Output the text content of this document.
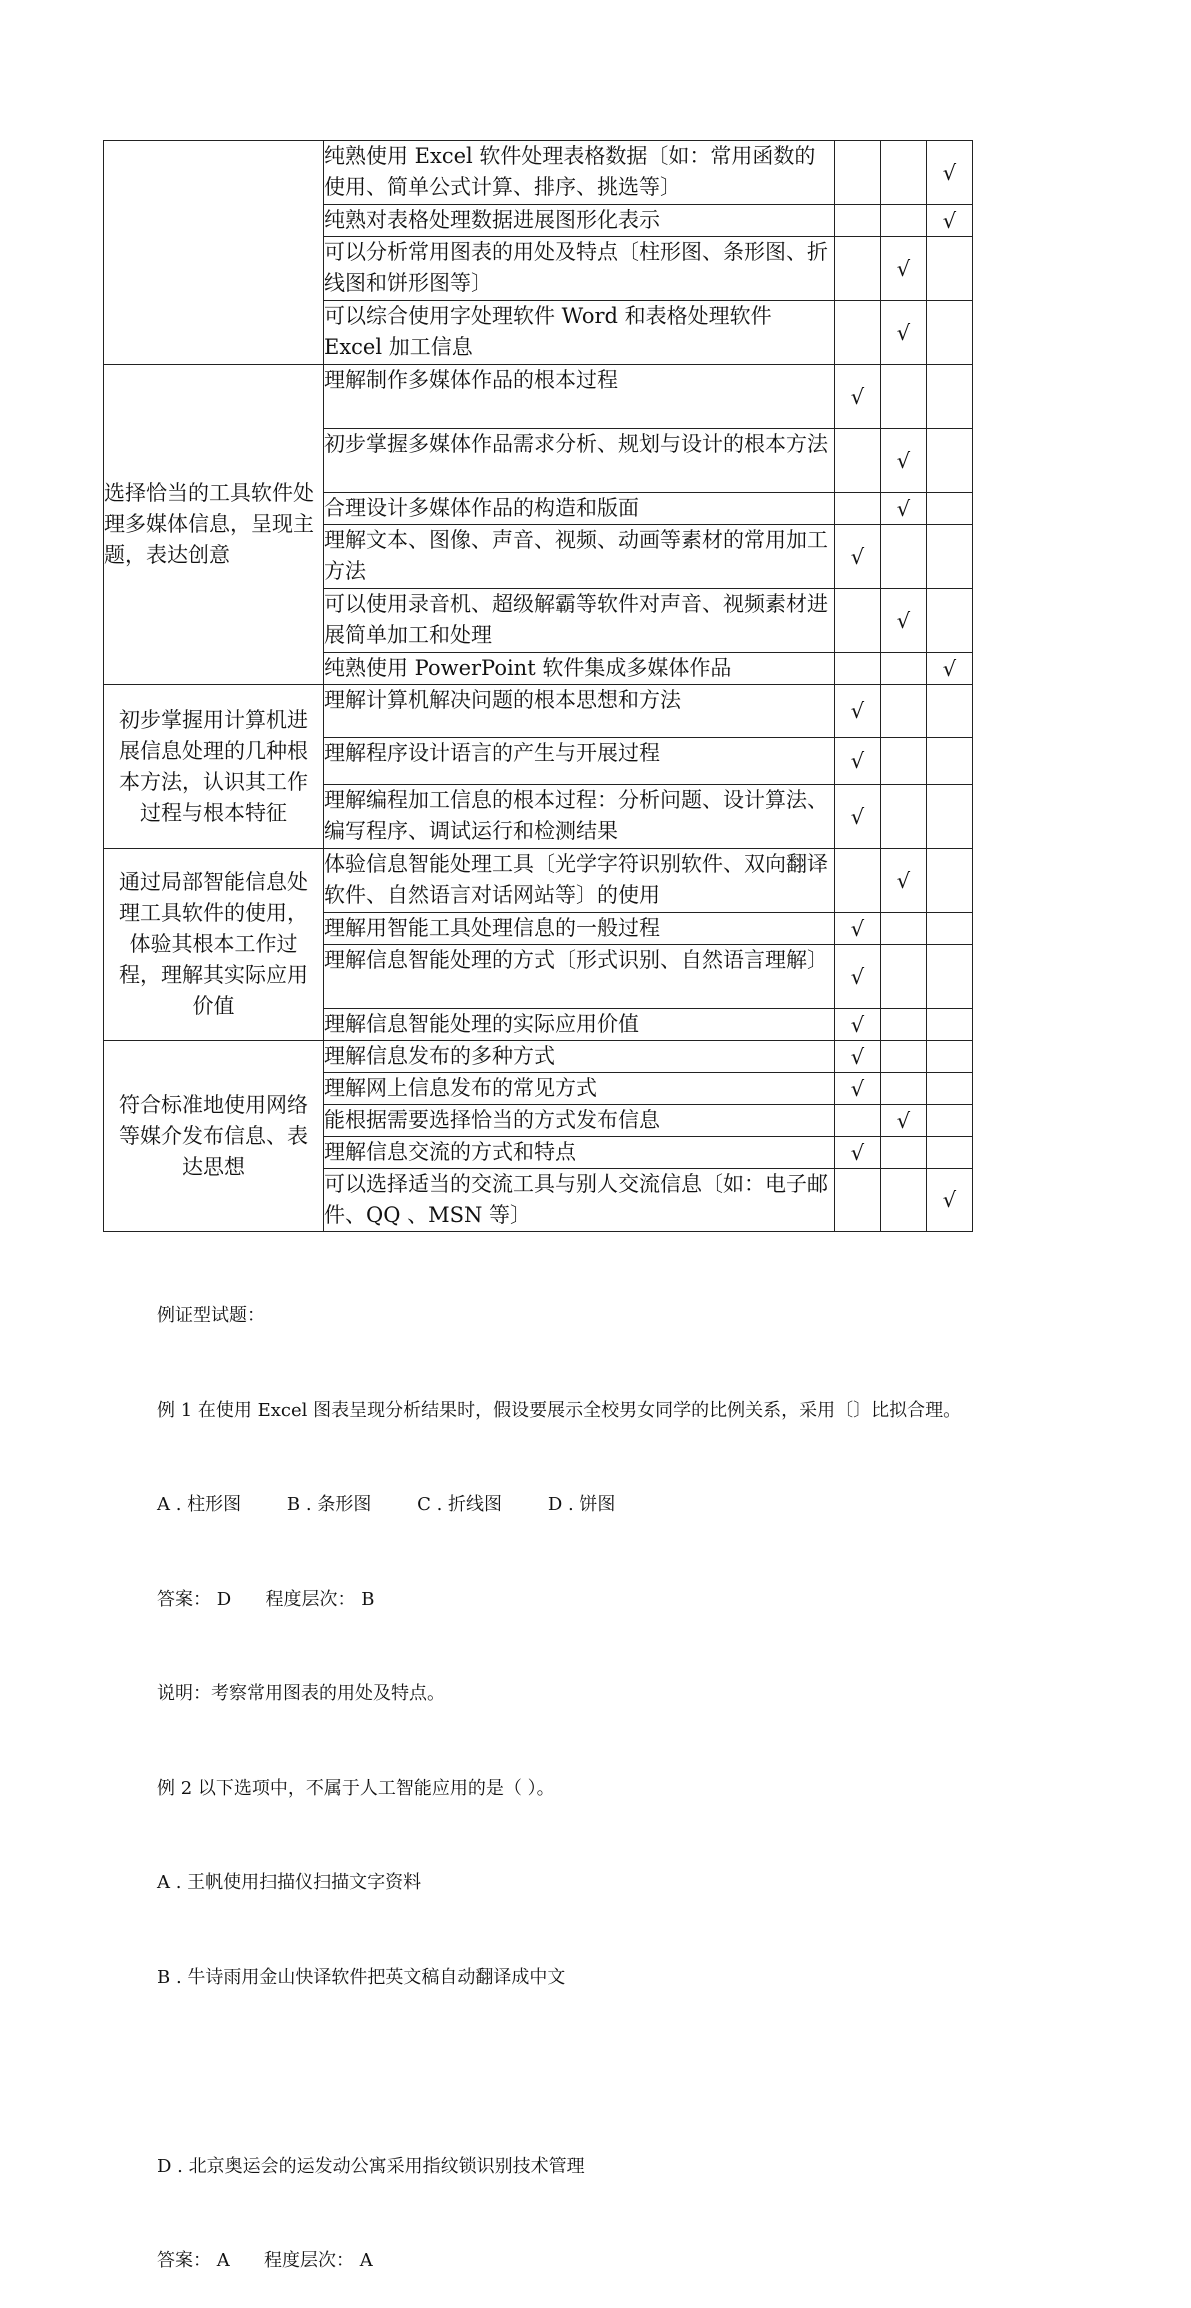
	纯熟使用 Excel 软件处理表格数据〔如：常用函数的使用、简单公式计算、排序、挑选等〕			√
	纯熟对表格处理数据进展图形化表示			√
	可以分析常用图表的用处及特点〔柱形图、条形图、折线图和饼形图等〕		√	
	可以综合使用字处理软件 Word 和表格处理软件 Excel 加工信息		√	
选择恰当的工具软件处理多媒体信息，呈现主题，表达创意	理解制作多媒体作品的根本过程	√		
	初步掌握多媒体作品需求分析、规划与设计的根本方法		√	
	合理设计多媒体作品的构造和版面		√	
	理解文本、图像、声音、视频、动画等素材的常用加工方法	√		
	可以使用录音机、超级解霸等软件对声音、视频素材进展简单加工和处理		√	
	纯熟使用 PowerPoint 软件集成多媒体作品			√
初步掌握用计算机进展信息处理的几种根本方法，认识其工作过程与根本特征	理解计算机解决问题的根本思想和方法	√		
	理解程序设计语言的产生与开展过程	√		
	理解编程加工信息的根本过程：分析问题、设计算法、编写程序、调试运行和检测结果	√		
通过局部智能信息处理工具软件的使用，体验其根本工作过程，理解其实际应用价值	体验信息智能处理工具〔光学字符识别软件、双向翻译软件、自然语言对话网站等〕的使用		√	
	理解用智能工具处理信息的一般过程	√		
	理解信息智能处理的方式〔形式识别、自然语言理解〕	√		
	理解信息智能处理的实际应用价值	√		
符合标准地使用网络等媒介发布信息、表达思想	理解信息发布的多种方式	√		
	理解网上信息发布的常见方式	√		
	能根据需要选择恰当的方式发布信息		√	
	理解信息交流的方式和特点	√		
	可以选择适当的交流工具与别人交流信息〔如：电子邮件、QQ 、MSN 等〕			√

例证型试题：

例 1 在使用 Excel 图表呈现分析结果时，假设要展示全校男女同学的比例关系，采用〔〕比拟合理。

A . 柱形图        B . 条形图        C . 折线图        D . 饼图

答案： D      程度层次： B

说明：考察常用图表的用处及特点。

例 2 以下选项中，不属于人工智能应用的是（ ）。

A . 王帆使用扫描仪扫描文字资料

B . 牛诗雨用金山快译软件把英文稿自动翻译成中文

D . 北京奥运会的运发动公寓采用指纹锁识别技术管理

答案： A      程度层次： A
